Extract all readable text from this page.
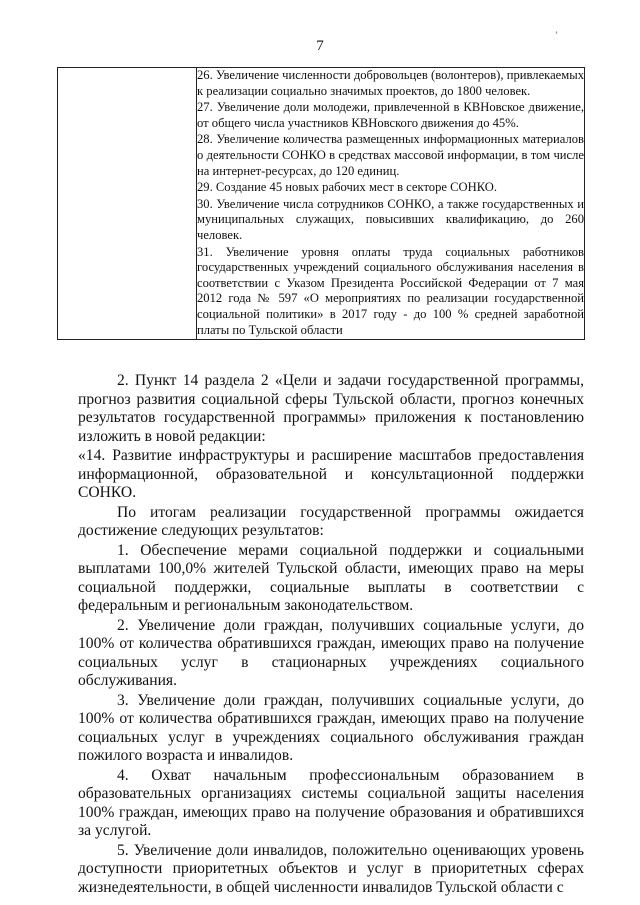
7
’

26. Увеличение численности добровольцев (волонтеров), привлекаемых к реализации социально значимых проектов, до 1800 человек.
27. Увеличение доли молодежи, привлеченной в КВНовское движение, от общего числа участников КВНовского движения до 45%.
28. Увеличение количества размещенных информационных материалов о деятельности СОНКО в средствах массовой информации, в том числе на интернет-ресурсах, до 120 единиц.
29. Создание 45 новых рабочих мест в секторе СОНКО.
30. Увеличение числа сотрудников СОНКО, а также государственных и муниципальных служащих, повысивших квалификацию, до 260 человек.
31. Увеличение уровня оплаты труда социальных работников государственных учреждений социального обслуживания населения в соответствии с Указом Президента Российской Федерации от 7 мая 2012 года № 597 «О мероприятиях по реализации государственной социальной политики» в 2017 году - до 100 % средней заработной платы по Тульской области

2. Пункт 14 раздела 2 «Цели и задачи государственной программы, прогноз развития социальной сферы Тульской области, прогноз конечных результатов государственной программы» приложения к постановлению изложить в новой редакции:

«14. Развитие инфраструктуры и расширение масштабов предоставления информационной, образовательной и консультационной поддержки СОНКО.

По итогам реализации государственной программы ожидается достижение следующих результатов:

1. Обеспечение мерами социальной поддержки и социальными выплатами 100,0% жителей Тульской области, имеющих право на меры социальной поддержки, социальные выплаты в соответствии с федеральным и региональным законодательством.

2. Увеличение доли граждан, получивших социальные услуги, до 100% от количества обратившихся граждан, имеющих право на получение социальных услуг в стационарных учреждениях социального обслуживания.

3. Увеличение доли граждан, получивших социальные услуги, до 100% от количества обратившихся граждан, имеющих право на получение социальных услуг в учреждениях социального обслуживания граждан пожилого возраста и инвалидов.

4. Охват начальным профессиональным образованием в образовательных организациях системы социальной защиты населения 100% граждан, имеющих право на получение образования и обратившихся за услугой.

5. Увеличение доли инвалидов, положительно оценивающих уровень доступности приоритетных объектов и услуг в приоритетных сферах жизнедеятельности, в общей численности инвалидов Тульской области с
